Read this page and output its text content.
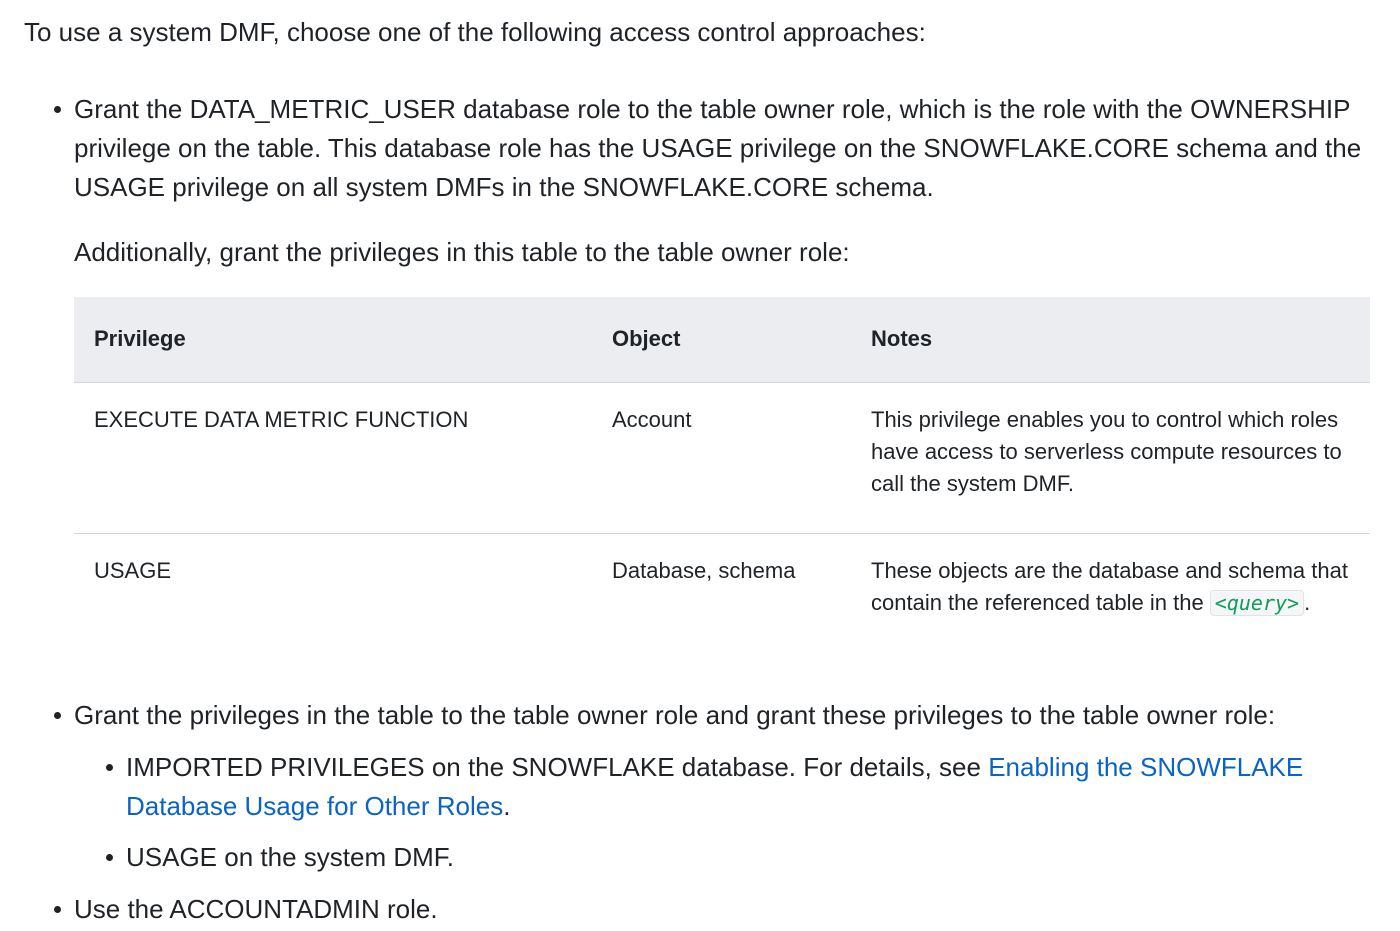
To use a system DMF, choose one of the following access control approaches:

Grant the DATA_METRIC_USER database role to the table owner role, which is the role with the OWNERSHIP privilege on the table. This database role has the USAGE privilege on the SNOWFLAKE.CORE schema and the USAGE privilege on all system DMFs in the SNOWFLAKE.CORE schema.

Additionally, grant the privileges in this table to the table owner role:

Privilege	Object	Notes
EXECUTE DATA METRIC FUNCTION	Account	This privilege enables you to control which roles have access to serverless compute resources to call the system DMF.
USAGE	Database, schema	These objects are the database and schema that contain the referenced table in the <query> .

Grant the privileges in the table to the table owner role and grant these privileges to the table owner role:

IMPORTED PRIVILEGES on the SNOWFLAKE database. For details, see Enabling the SNOWFLAKE Database Usage for Other Roles.

USAGE on the system DMF.

Use the ACCOUNTADMIN role.
